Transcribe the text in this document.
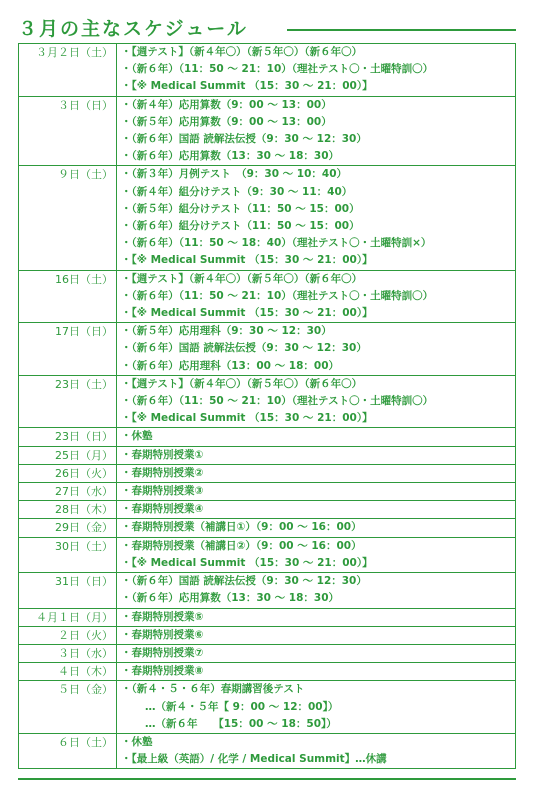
３月の主なスケジュール
３月２日（土） ・【週テスト】（新４年〇）（新５年〇）（新６年〇）
・（新６年）（11：50 ～ 21：10）（理社テスト〇・土曜特訓〇）
・【※ Medical Summit （15：30 ～ 21：00）】
３日（日） ・（新４年）応用算数（9：00 ～ 13：00）
・（新５年）応用算数（9：00 ～ 13：00）
・（新６年）国語 読解法伝授（9：30 ～ 12：30）
・（新６年）応用算数（13：30 ～ 18：30）
９日（土） ・（新３年）月例テスト　（9：30 ～ 10：40）
・（新４年）組分けテスト（9：30 ～ 11：40）
・（新５年）組分けテスト（11：50 ～ 15：00）
・（新６年）組分けテスト（11：50 ～ 15：00）
・（新６年）（11：50 ～ 18：40）（理社テスト〇・土曜特訓×）
・【※ Medical Summit （15：30 ～ 21：00）】
16日（土） ・【週テスト】（新４年〇）（新５年〇）（新６年〇）
・（新６年）（11：50 ～ 21：10）（理社テスト〇・土曜特訓〇）
・【※ Medical Summit （15：30 ～ 21：00）】
17日（日） ・（新５年）応用理科（9：30 ～ 12：30）
・（新６年）国語 読解法伝授（9：30 ～ 12：30）
・（新６年）応用理科（13：00 ～ 18：00）
23日（土） ・【週テスト】（新４年〇）（新５年〇）（新６年〇）
・（新６年）（11：50 ～ 21：10）（理社テスト〇・土曜特訓〇）
・【※ Medical Summit （15：30 ～ 21：00）】
23日（日） ・休塾
25日（月） ・春期特別授業①
26日（火） ・春期特別授業②
27日（水） ・春期特別授業③
28日（木） ・春期特別授業④
29日（金） ・春期特別授業（補講日①）（9：00 ～ 16：00）
30日（土） ・春期特別授業（補講日②）（9：00 ～ 16：00）
・【※ Medical Summit （15：30 ～ 21：00）】
31日（日） ・（新６年）国語 読解法伝授（9：30 ～ 12：30）
・（新６年）応用算数（13：30 ～ 18：30）
４月１日（月） ・春期特別授業⑤
２日（火） ・春期特別授業⑥
３日（水） ・春期特別授業⑦
４日（木） ・春期特別授業⑧
５日（金） ・（新４・５・６年）春期講習後テスト
…（新４・５年【 9：00 ～ 12：00】）
…（新６年　　【15：00 ～ 18：50】）
６日（土） ・休塾
・【最上級（英語）/ 化学 / Medical Summit】…休講
